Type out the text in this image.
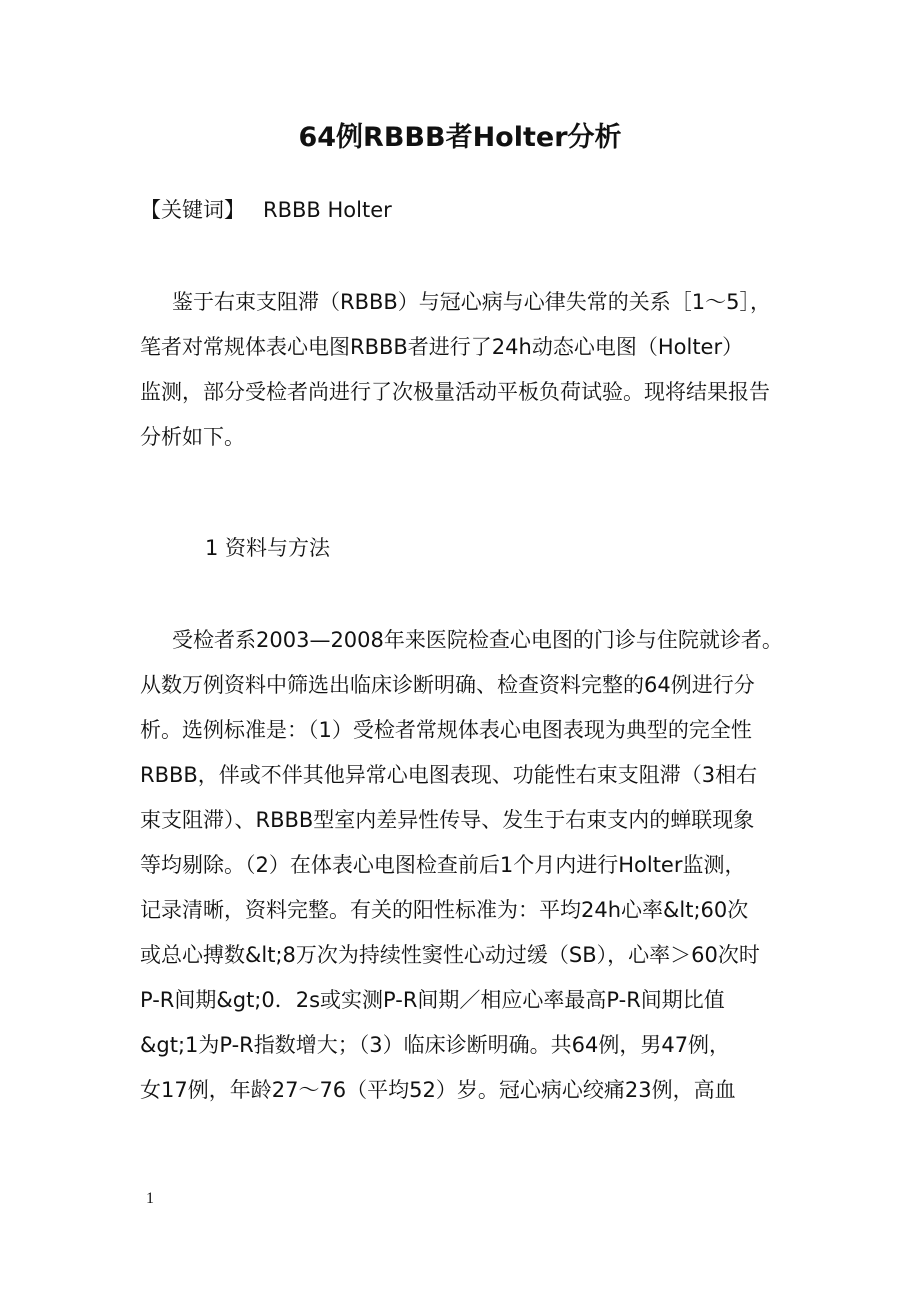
64例RBBB者Holter分析
【关键词】 RBBB Holter
鉴于右束支阻滞（RBBB）与冠心病与心律失常的关系［1～5］，
笔者对常规体表心电图RBBB者进行了24h动态心电图（Holter）
监测，部分受检者尚进行了次极量活动平板负荷试验。现将结果报告
分析如下。
1 资料与方法
受检者系2003—2008年来医院检查心电图的门诊与住院就诊者。
从数万例资料中筛选出临床诊断明确、检查资料完整的64例进行分
析。选例标准是：（1）受检者常规体表心电图表现为典型的完全性
RBBB，伴或不伴其他异常心电图表现、功能性右束支阻滞（3相右
束支阻滞）、RBBB型室内差异性传导、发生于右束支内的蝉联现象
等均剔除。（2）在体表心电图检查前后1个月内进行Holter监测，
记录清晰，资料完整。有关的阳性标准为：平均24h心率&lt;60次
或总心搏数&lt;8万次为持续性窦性心动过缓（SB），心率＞60次时
P-R间期&gt;0．2s或实测P-R间期／相应心率最高P-R间期比值
&gt;1为P-R指数增大；（3）临床诊断明确。共64例，男47例，
女17例，年龄27～76（平均52）岁。冠心病心绞痛23例，高血
1
